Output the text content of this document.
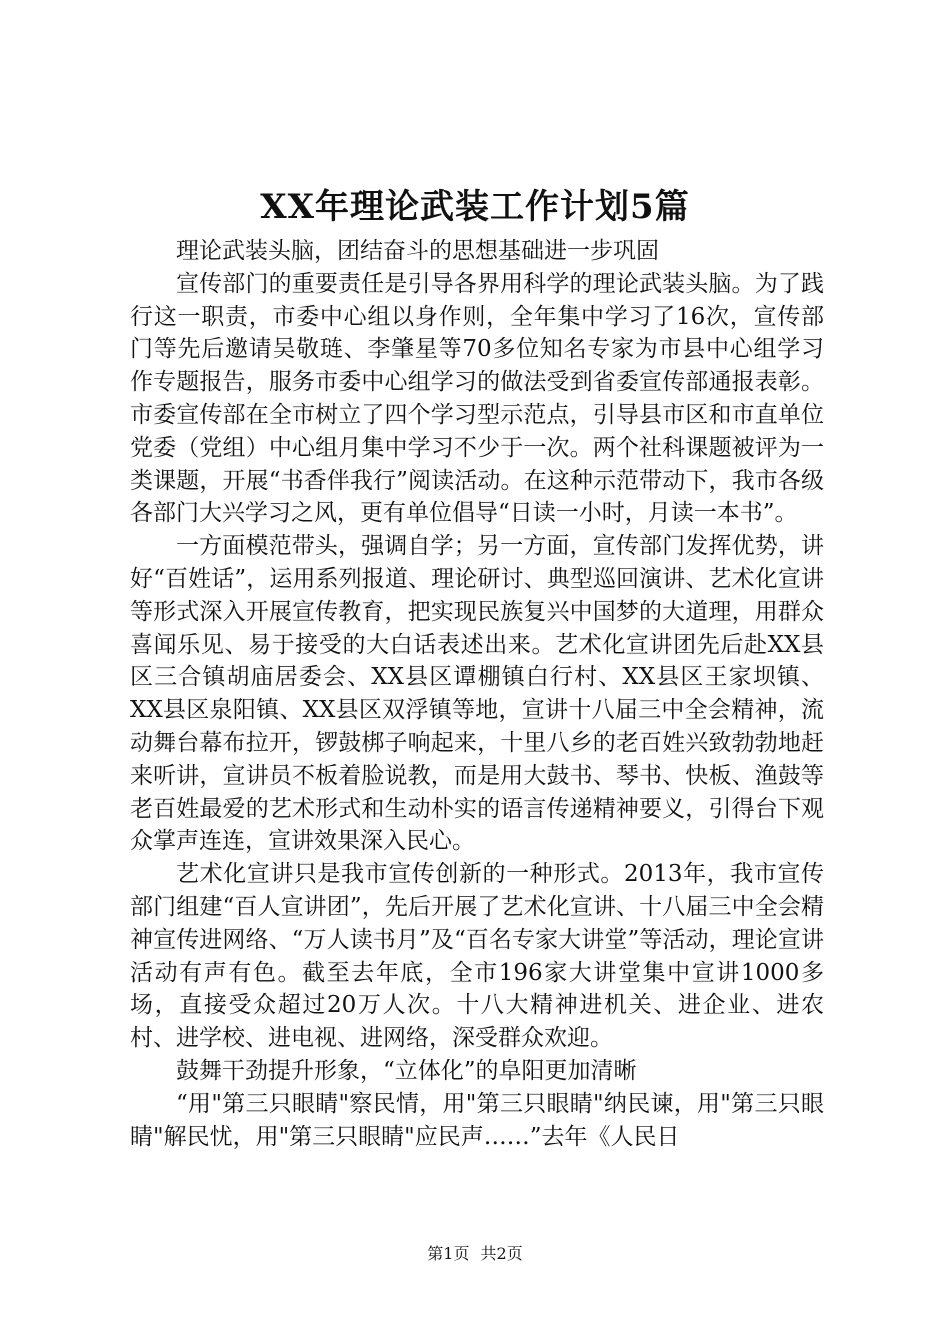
XX年理论武装工作计划5篇

理论武装头脑，团结奋斗的思想基础进一步巩固

宣传部门的重要责任是引导各界用科学的理论武装头脑。为了践行这一职责，市委中心组以身作则，全年集中学习了16次，宣传部门等先后邀请吴敬琏、李肇星等70多位知名专家为市县中心组学习作专题报告，服务市委中心组学习的做法受到省委宣传部通报表彰。市委宣传部在全市树立了四个学习型示范点，引导县市区和市直单位党委（党组）中心组月集中学习不少于一次。两个社科课题被评为一类课题，开展“书香伴我行”阅读活动。在这种示范带动下，我市各级各部门大兴学习之风，更有单位倡导“日读一小时，月读一本书”。

一方面模范带头，强调自学；另一方面，宣传部门发挥优势，讲好“百姓话”，运用系列报道、理论研讨、典型巡回演讲、艺术化宣讲等形式深入开展宣传教育，把实现民族复兴中国梦的大道理，用群众喜闻乐见、易于接受的大白话表述出来。艺术化宣讲团先后赴XX县区三合镇胡庙居委会、XX县区谭棚镇白行村、XX县区王家坝镇、XX县区泉阳镇、XX县区双浮镇等地，宣讲十八届三中全会精神，流动舞台幕布拉开，锣鼓梆子响起来，十里八乡的老百姓兴致勃勃地赶来听讲，宣讲员不板着脸说教，而是用大鼓书、琴书、快板、渔鼓等老百姓最爱的艺术形式和生动朴实的语言传递精神要义，引得台下观众掌声连连，宣讲效果深入民心。

艺术化宣讲只是我市宣传创新的一种形式。2013年，我市宣传部门组建“百人宣讲团”，先后开展了艺术化宣讲、十八届三中全会精神宣传进网络、“万人读书月”及“百名专家大讲堂”等活动，理论宣讲活动有声有色。截至去年底，全市196家大讲堂集中宣讲1000多场，直接受众超过20万人次。十八大精神进机关、进企业、进农村、进学校、进电视、进网络，深受群众欢迎。

鼓舞干劲提升形象，“立体化”的阜阳更加清晰

“用"第三只眼睛"察民情，用"第三只眼睛"纳民谏，用"第三只眼睛"解民忧，用"第三只眼睛"应民声……”去年《人民日

第1页 共2页
